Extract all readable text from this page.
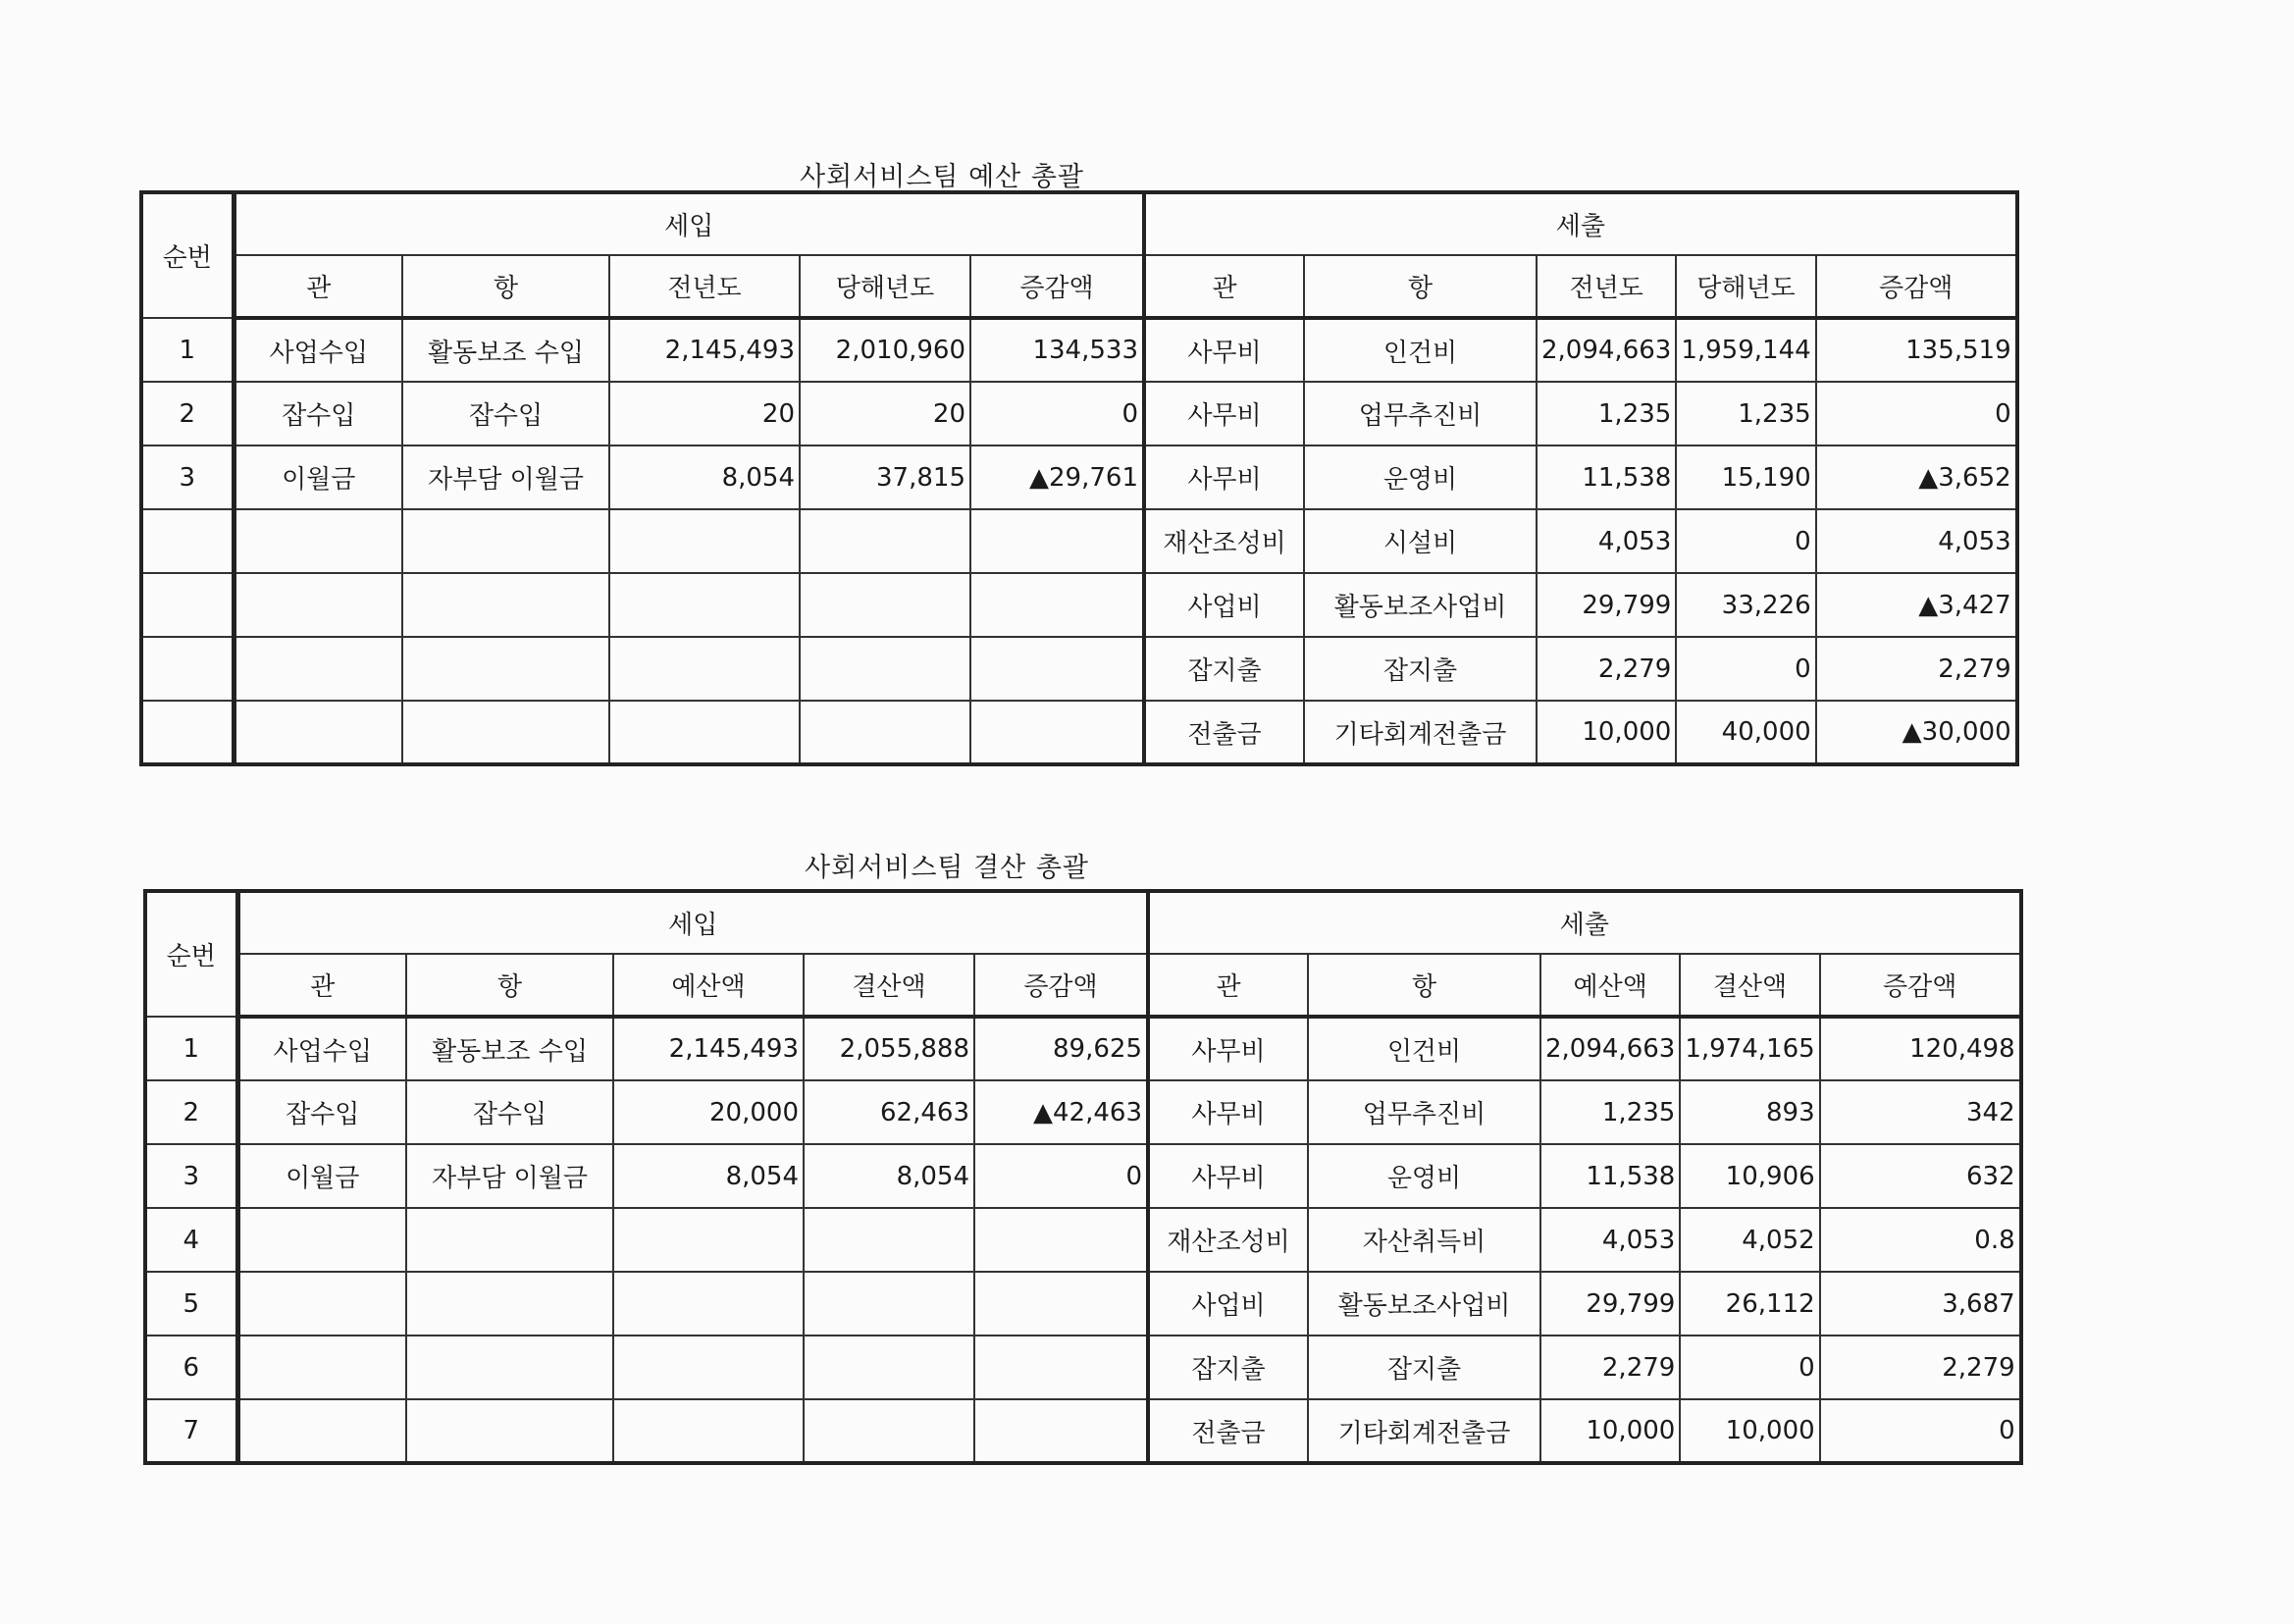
사회서비스팀 예산 총괄
순번	세입					세출				
	관	항	전년도	당해년도	증감액	관	항	전년도	당해년도	증감액
1	사업수입	활동보조 수입	2,145,493	2,010,960	134,533	사무비	인건비	2,094,663	1,959,144	135,519
2	잡수입	잡수입	20	20	0	사무비	업무추진비	1,235	1,235	0
3	이월금	자부담 이월금	8,054	37,815	▲29,761	사무비	운영비	11,538	15,190	▲3,652
						재산조성비	시설비	4,053	0	4,053
						사업비	활동보조사업비	29,799	33,226	▲3,427
						잡지출	잡지출	2,279	0	2,279
						전출금	기타회계전출금	10,000	40,000	▲30,000
사회서비스팀 결산 총괄
순번	세입					세출				
	관	항	예산액	결산액	증감액	관	항	예산액	결산액	증감액
1	사업수입	활동보조 수입	2,145,493	2,055,888	89,625	사무비	인건비	2,094,663	1,974,165	120,498
2	잡수입	잡수입	20,000	62,463	▲42,463	사무비	업무추진비	1,235	893	342
3	이월금	자부담 이월금	8,054	8,054	0	사무비	운영비	11,538	10,906	632
4						재산조성비	자산취득비	4,053	4,052	0.8
5						사업비	활동보조사업비	29,799	26,112	3,687
6						잡지출	잡지출	2,279	0	2,279
7						전출금	기타회계전출금	10,000	10,000	0
